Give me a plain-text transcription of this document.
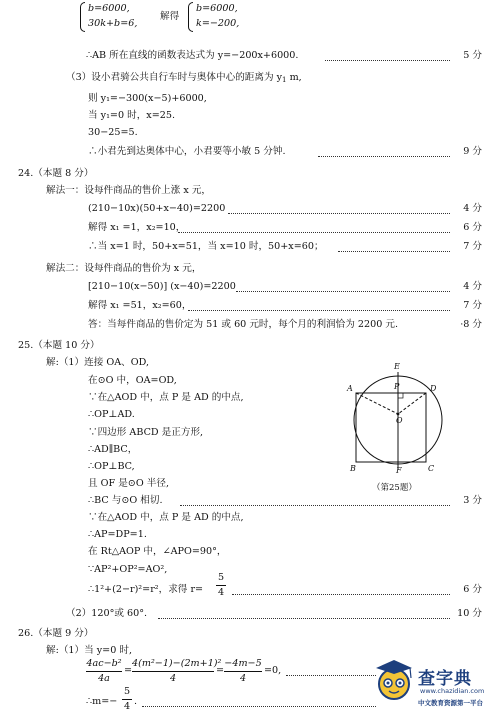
b=6000,
30k+b=6,
解得
b=6000,
k=−200,
∴AB 所在直线的函数表达式为 y=−200x+6000.	5 分
（3）设小君骑公共自行车时与奥体中心的距离为 $y_1$ m,
则 y₁=−300(x−5)+6000,
当 y₁=0 时，x=25.
30−25=5.
∴小君先到达奥体中心，小君要等小敏 5 分钟.	9 分
24.（本题 8 分）
解法一：设每件商品的售价上涨 x 元，
(210−10x)(50+x−40)=2200	4 分
解得 x₁ =1，x₂=10，	6 分
∴当 x=1 时，50+x=51，当 x=10 时，50+x=60；	7 分
解法二：设每件商品的售价为 x 元，
[210−10(x−50)] (x−40)=2200	4 分
解得 x₁ =51，x₂=60，	7 分
答：当每件商品的售价定为 51 或 60 元时，每个月的利润恰为 2200 元.	·8 分
25.（本题 10 分）
解:（1）连接 OA、OD,
在⊙O 中，OA=OD,
∵在△AOD 中，点 P 是 AD 的中点,
∴OP⊥AD.
∵四边形 ABCD 是正方形,
∴AD∥BC，
∴OP⊥BC,
且 OF 是⊙O 半径,
∴BC 与⊙O 相切.	3 分
∵在△AOD 中，点 P 是 AD 的中点,
∴AP=DP=1.
在 Rt△AOP 中，∠APO=90°，
∵AP²+OP²=AO²,
∴1²+(2−r)²=r²，求得 r=
5
4	6 分
（2）120°或 60°.	10 分
E
A	P	D
O
B	F	C
（第25题）
26.（本题 9 分）
解:（1）当 y=0 时,
4ac−b²
4a
=
4(m²−1)−(2m+1)²
4
=
−4m−5
4
=0,
∴m=−
5
4 .
查字典
www.chazidian.com
中文教育资源第一平台
